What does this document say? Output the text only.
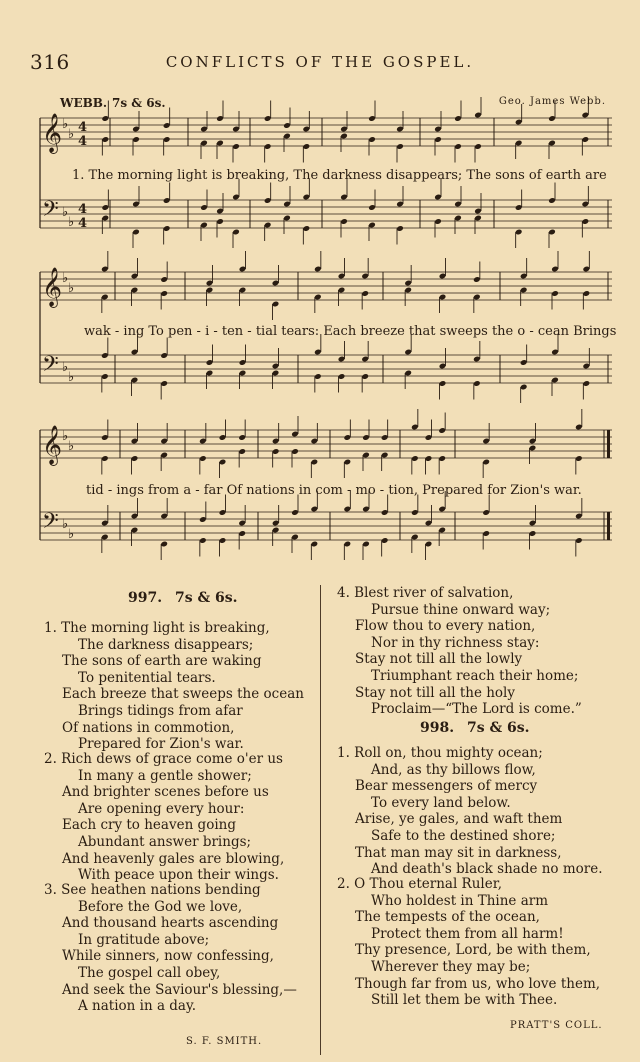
316	CONFLICTS OF THE GOSPEL.
WEBB. 7s & 6s.	Geo. James Webb.
𝄞 ♭
♭
𝄢 ♭
♭
𝄞 ♭
♭
𝄢 ♭
♭
𝄞 ♭
♭
𝄢 ♭
♭
4
4
4
4
1. The morning light is breaking, The darkness disappears; The sons of earth are
wak - ing To pen - i - ten - tial tears: Each breeze that sweeps the o - cean Brings
tid - ings from a - far Of nations in com - mo - tion, Prepared for Zion's war.
997. 7s & 6s.
1. The morning light is breaking,
The darkness disappears;
The sons of earth are waking
To penitential tears.
Each breeze that sweeps the ocean
Brings tidings from afar
Of nations in commotion,
Prepared for Zion's war.
2. Rich dews of grace come o'er us
In many a gentle shower;
And brighter scenes before us
Are opening every hour:
Each cry to heaven going
Abundant answer brings;
And heavenly gales are blowing,
With peace upon their wings.
3. See heathen nations bending
Before the God we love,
And thousand hearts ascending
In gratitude above;
While sinners, now confessing,
The gospel call obey,
And seek the Saviour's blessing,—
A nation in a day.
S. F. SMITH.
4. Blest river of salvation,
Pursue thine onward way;
Flow thou to every nation,
Nor in thy richness stay:
Stay not till all the lowly
Triumphant reach their home;
Stay not till all the holy
Proclaim—“The Lord is come.”
998. 7s & 6s.
1. Roll on, thou mighty ocean;
And, as thy billows flow,
Bear messengers of mercy
To every land below.
Arise, ye gales, and waft them
Safe to the destined shore;
That man may sit in darkness,
And death's black shade no more.
2. O Thou eternal Ruler,
Who holdest in Thine arm
The tempests of the ocean,
Protect them from all harm!
Thy presence, Lord, be with them,
Wherever they may be;
Though far from us, who love them,
Still let them be with Thee.
PRATT'S COLL.
